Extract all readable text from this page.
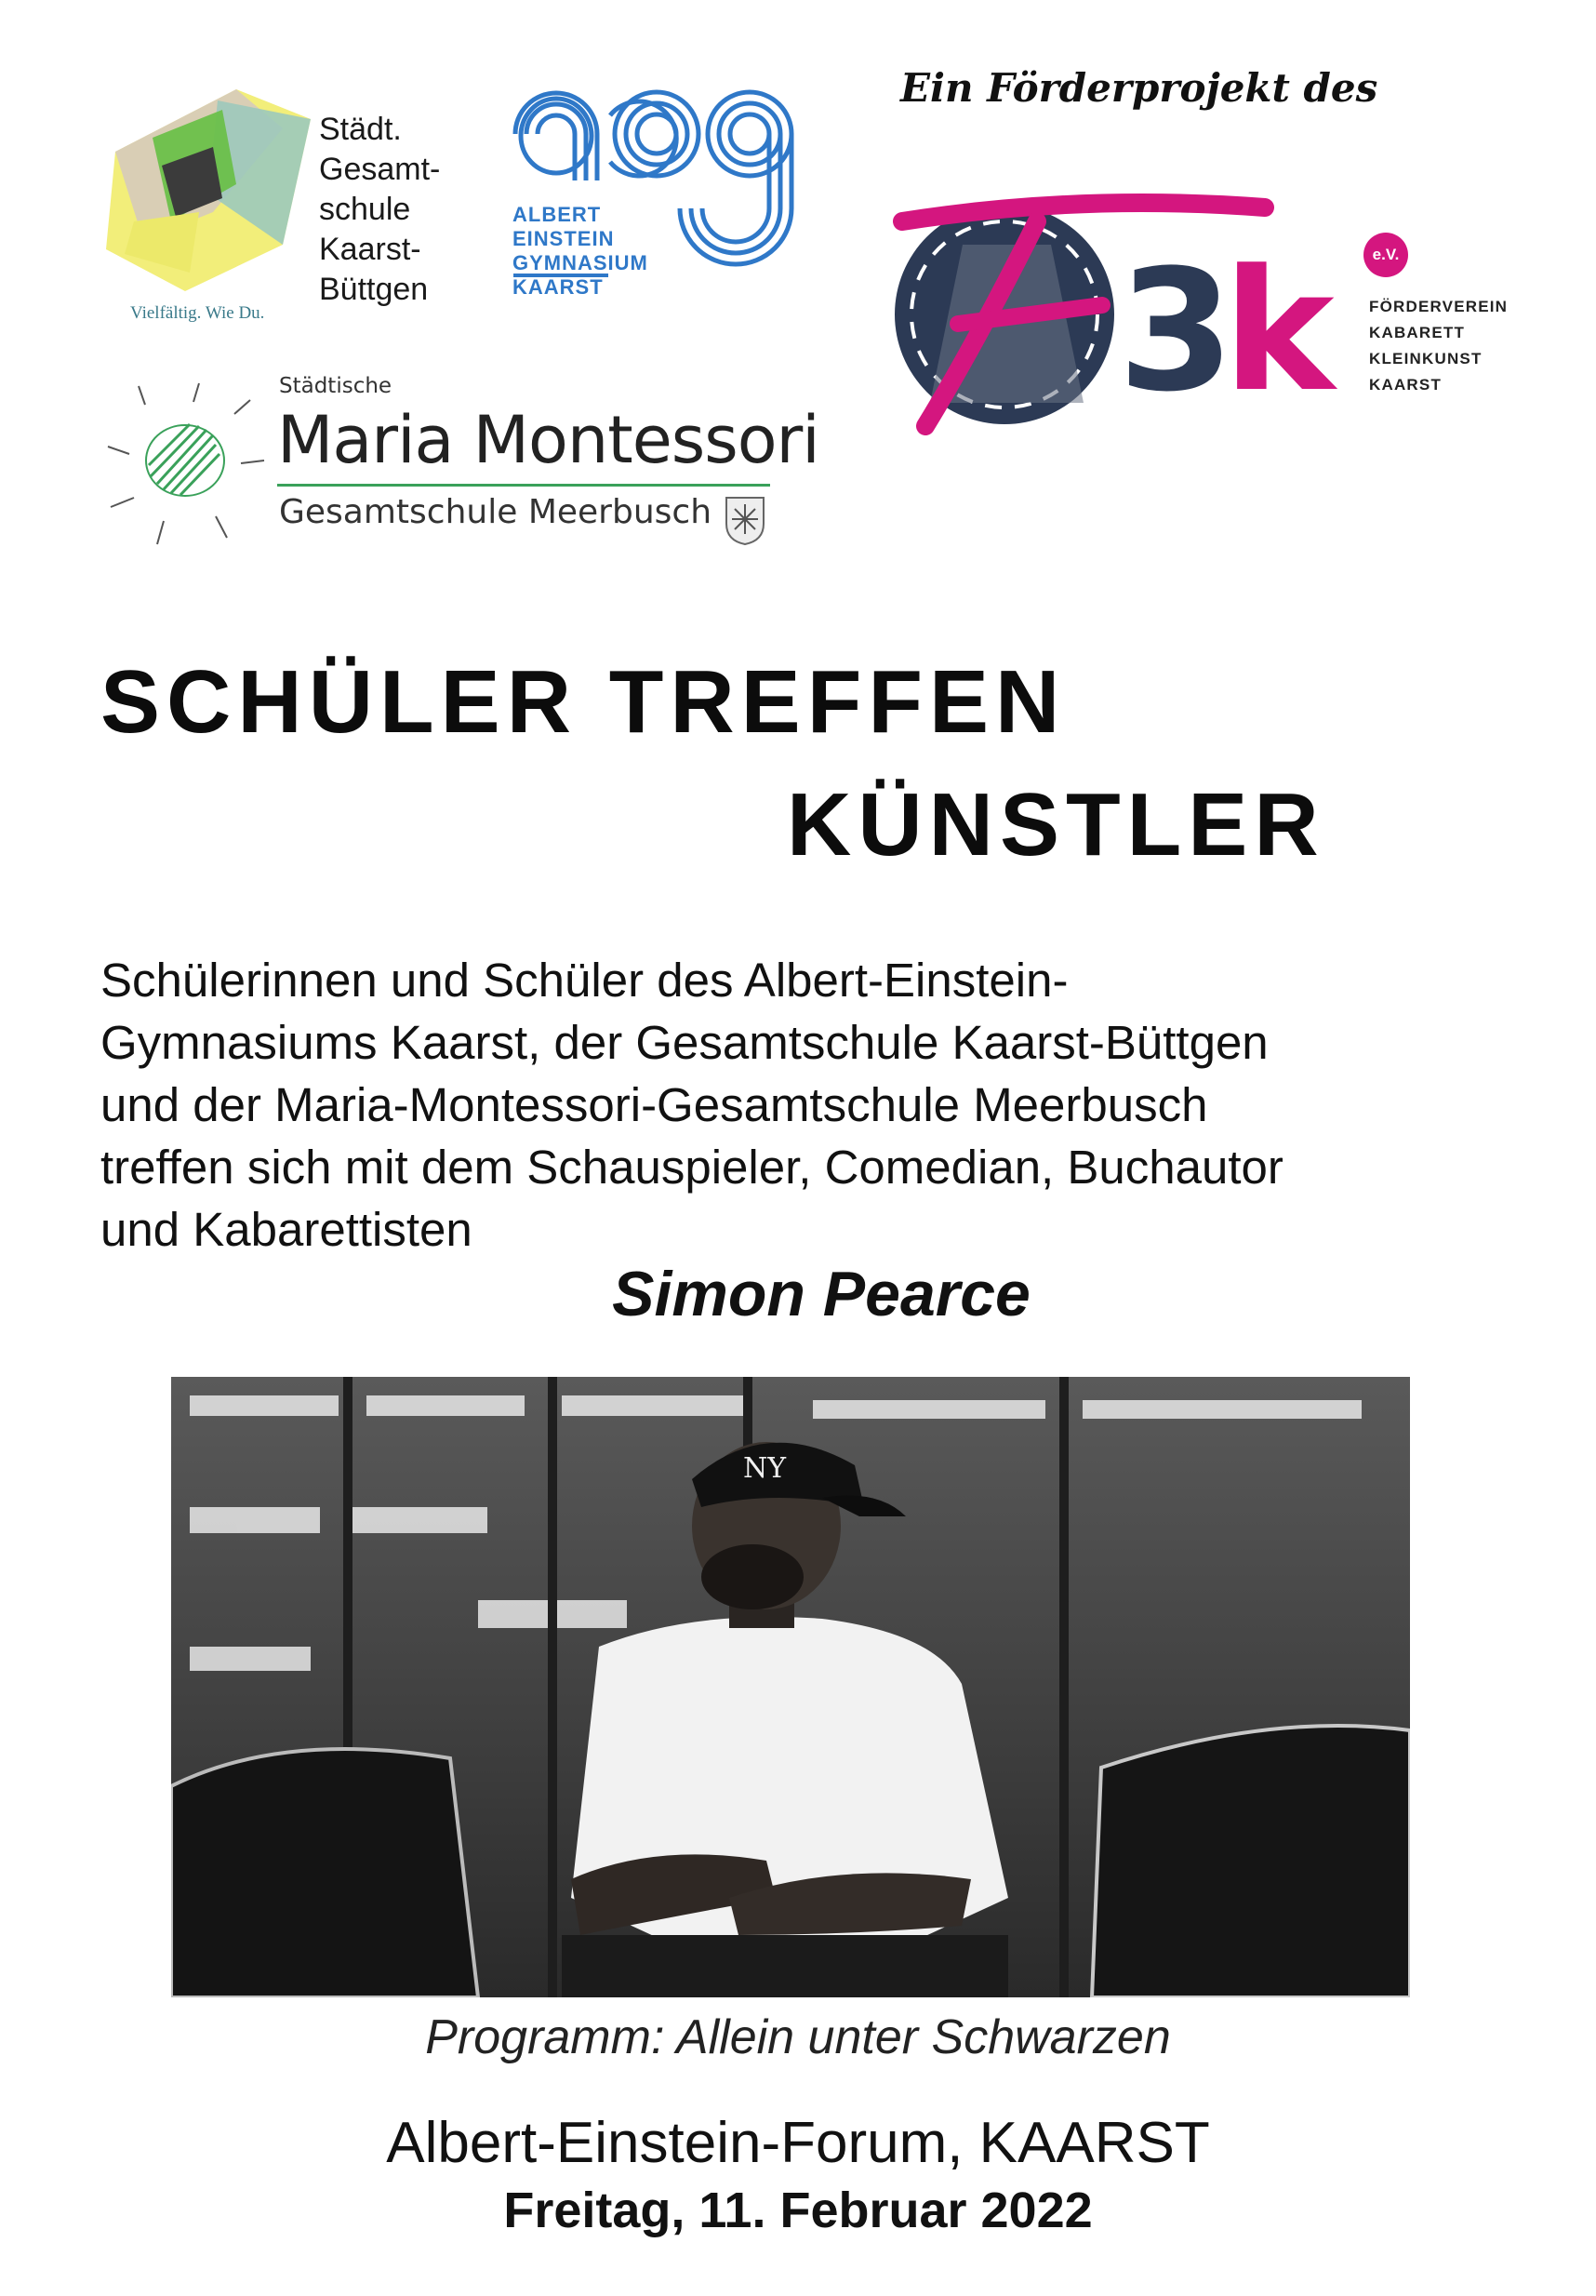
Städt.
Gesamt-
schule
Kaarst-
Büttgen
Vielfältig. Wie Du.
ALBERT
EINSTEIN
GYMNASIUM
KAARST
Städtische
Maria Montessori
Gesamtschule Meerbusch
Ein Förderprojekt des
3
k	e.V.
FÖRDERVEREIN
KABARETT
KLEINKUNST
KAARST
SCHÜLER TREFFEN
KÜNSTLER
Schülerinnen und Schüler des Albert-Einstein-
Gymnasiums Kaarst, der Gesamtschule Kaarst-Büttgen
und der Maria-Montessori-Gesamtschule Meerbusch
treffen sich mit dem Schauspieler, Comedian, Buchautor
und Kabarettisten
Simon Pearce
NY
Programm: Allein unter Schwarzen
Albert-Einstein-Forum, KAARST
Freitag, 11. Februar 2022
